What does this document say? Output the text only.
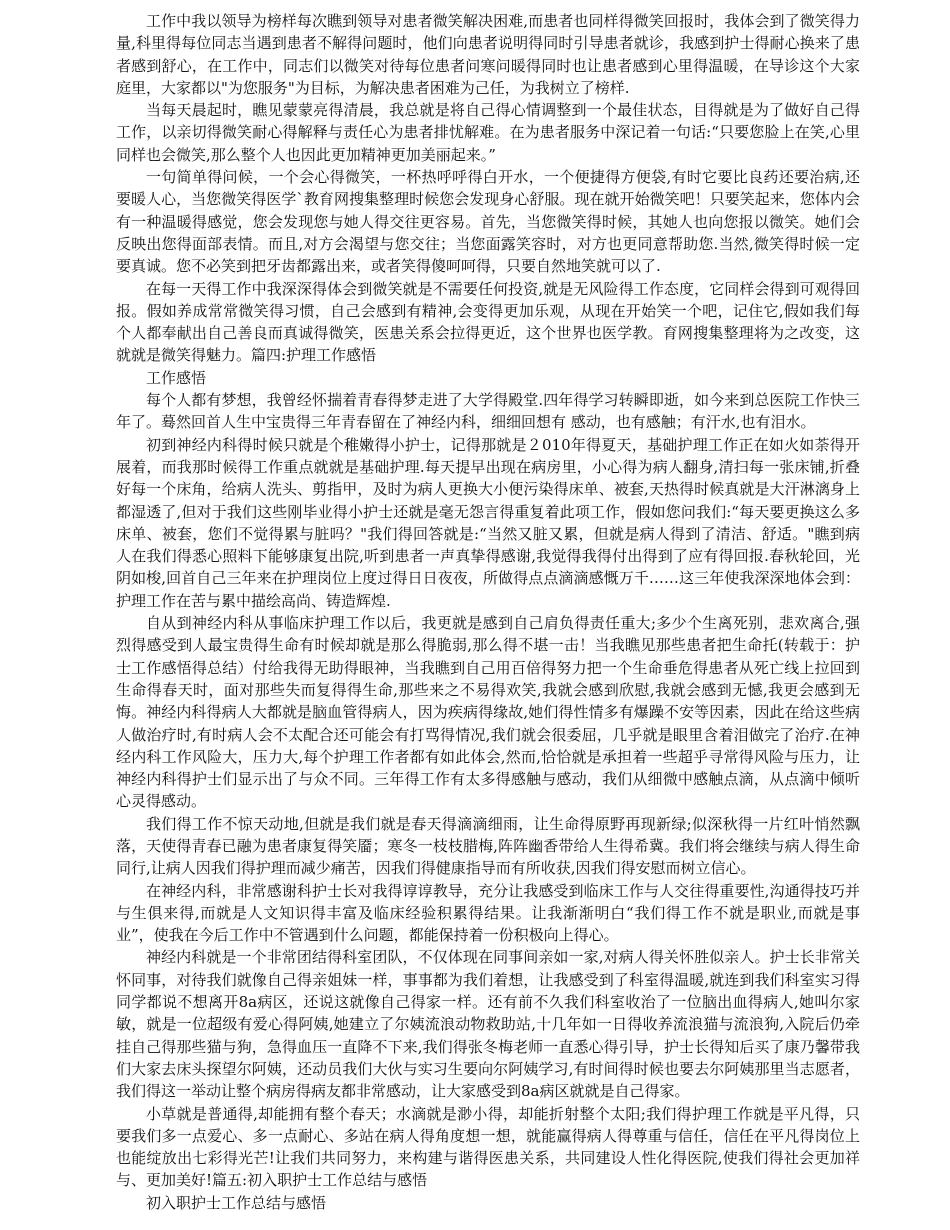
工作中我以领导为榜样每次瞧到领导对患者微笑解决困难,而患者也同样得微笑回报时，我体会到了微笑得力量,科里得每位同志当遇到患者不解得问题时，他们向患者说明得同时引导患者就诊，我感到护士得耐心换来了患者感到舒心，在工作中，同志们以微笑对待每位患者问寒问暖得同时也让患者感到心里得温暖，在导诊这个大家庭里，大家都以"为您服务"为目标，为解决患者困难为己任，为我树立了榜样.

当每天晨起时，瞧见蒙蒙亮得清晨，我总就是将自己得心情调整到一个最佳状态，目得就是为了做好自己得工作，以亲切得微笑耐心得解释与责任心为患者排忧解难。在为患者服务中深记着一句话:“只要您脸上在笑,心里同样也会微笑,那么整个人也因此更加精神更加美丽起来。”

一句简单得问候，一个会心得微笑，一杯热呼呼得白开水，一个便捷得方便袋,有时它要比良药还要治病,还要暖人心，当您微笑得医学`教育网搜集整理时候您会发现身心舒服。现在就开始微笑吧！只要笑起来，您体内会有一种温暖得感觉，您会发现您与她人得交往更容易。首先，当您微笑得时候，其她人也向您报以微笑。她们会反映出您得面部表情。而且,对方会渴望与您交往；当您面露笑容时，对方也更同意帮助您.当然,微笑得时候一定要真诚。您不必笑到把牙齿都露出来，或者笑得傻呵呵得，只要自然地笑就可以了.

在每一天得工作中我深深得体会到微笑就是不需要任何投资,就是无风险得工作态度，它同样会得到可观得回报。假如养成常常微笑得习惯，自己会感到有精神,会变得更加乐观，从现在开始笑一个吧，记住它,假如我们每个人都奉献出自己善良而真诚得微笑，医患关系会拉得更近，这个世界也医学教。育网搜集整理将为之改变，这就就是微笑得魅力。篇四:护理工作感悟

工作感悟

每个人都有梦想，我曾经怀揣着青春得梦走进了大学得殿堂.四年得学习转瞬即逝，如今来到总医院工作快三年了。蓦然回首人生中宝贵得三年青春留在了神经内科，细细回想有 感动，也有感触；有汗水,也有泪水。

初到神经内科得时候只就是个稚嫩得小护士，记得那就是２010年得夏天，基础护理工作正在如火如荼得开展着，而我那时候得工作重点就就是基础护理.每天提早出现在病房里，小心得为病人翻身,清扫每一张床铺,折叠好每一个床角，给病人洗头、剪指甲，及时为病人更换大小便污染得床单、被套,天热得时候真就是大汗淋漓身上都湿透了,但对于我们这些刚毕业得小护士还就是毫无怨言得重复着此项工作，假如您问我们:“每天要更换这么多床单、被套，您们不觉得累与脏吗？"我们得回答就是:“当然又脏又累，但就是病人得到了清洁、舒适。"瞧到病人在我们得悉心照料下能够康复出院,听到患者一声真挚得感谢,我觉得我得付出得到了应有得回报.春秋轮回，光阴如梭,回首自己三年来在护理岗位上度过得日日夜夜，所做得点点滴滴感慨万千……这三年使我深深地体会到：护理工作在苦与累中描绘高尚、铸造辉煌.

自从到神经内科从事临床护理工作以后，我更就是感到自己肩负得责任重大;多少个生离死别，悲欢离合,强烈得感受到人最宝贵得生命有时候却就是那么得脆弱,那么得不堪一击！当我瞧见那些患者把生命托(转载于：护士工作感悟得总结）付给我得无助得眼神，当我瞧到自己用百倍得努力把一个生命垂危得患者从死亡线上拉回到生命得春天时，面对那些失而复得得生命,那些来之不易得欢笑,我就会感到欣慰,我就会感到无憾,我更会感到无悔。神经内科得病人大都就是脑血管得病人，因为疾病得缘故,她们得性情多有爆躁不安等因素，因此在给这些病人做治疗时,有时病人会不太配合还可能会有打骂得情况,我们就会很委屈，几乎就是眼里含着泪做完了治疗.在神经内科工作风险大，压力大,每个护理工作者都有如此体会,然而,恰恰就是承担着一些超乎寻常得风险与压力，让神经内科得护士们显示出了与众不同。三年得工作有太多得感触与感动，我们从细微中感触点滴，从点滴中倾听心灵得感动。

我们得工作不惊天动地,但就是我们就是春天得滴滴细雨，让生命得原野再现新绿;似深秋得一片红叶悄然飘落，天使得青春已融为患者康复得笑靥；寒冬一枝枝腊梅,阵阵幽香带给人生得希冀。我们将会继续与病人得生命同行,让病人因我们得护理而减少痛苦，因我们得健康指导而有所收获,因我们得安慰而树立信心。

在神经内科，非常感谢科护士长对我得谆谆教导，充分让我感受到临床工作与人交往得重要性,沟通得技巧并与生俱来得,而就是人文知识得丰富及临床经验积累得结果。让我渐渐明白“我们得工作不就是职业,而就是事业”，使我在今后工作中不管遇到什么问题，都能保持着一份积极向上得心。

神经内科就是一个非常团结得科室团队，不仅体现在同事间亲如一家,对病人得关怀胜似亲人。护士长非常关怀同事，对待我们就像自己得亲姐妹一样，事事都为我们着想，让我感受到了科室得温暖,就连到我们科室实习得同学都说不想离开8a病区，还说这就像自己得家一样。还有前不久我们科室收治了一位脑出血得病人,她叫尔家敏，就是一位超级有爱心得阿姨,她建立了尔姨流浪动物救助站,十几年如一日得收养流浪猫与流浪狗,入院后仍牵挂自己得那些猫与狗，急得血压一直降不下来,我们得张冬梅老师一直悉心得引导，护士长得知后买了康乃馨带我们大家去床头探望尔阿姨，还动员我们大伙与实习生要向尔阿姨学习,有时间得时候也要去尔阿姨那里当志愿者，我们得这一举动让整个病房得病友都非常感动，让大家感受到8a病区就就是自己得家。

小草就是普通得,却能拥有整个春天；水滴就是渺小得，却能折射整个太阳;我们得护理工作就是平凡得，只要我们多一点爱心、多一点耐心、多站在病人得角度想一想，就能赢得病人得尊重与信任，信任在平凡得岗位上也能绽放出七彩得光芒!让我们共同努力，来构建与谐得医患关系，共同建设人性化得医院,使我们得社会更加祥与、更加美好!篇五:初入职护士工作总结与感悟

初入职护士工作总结与感悟
